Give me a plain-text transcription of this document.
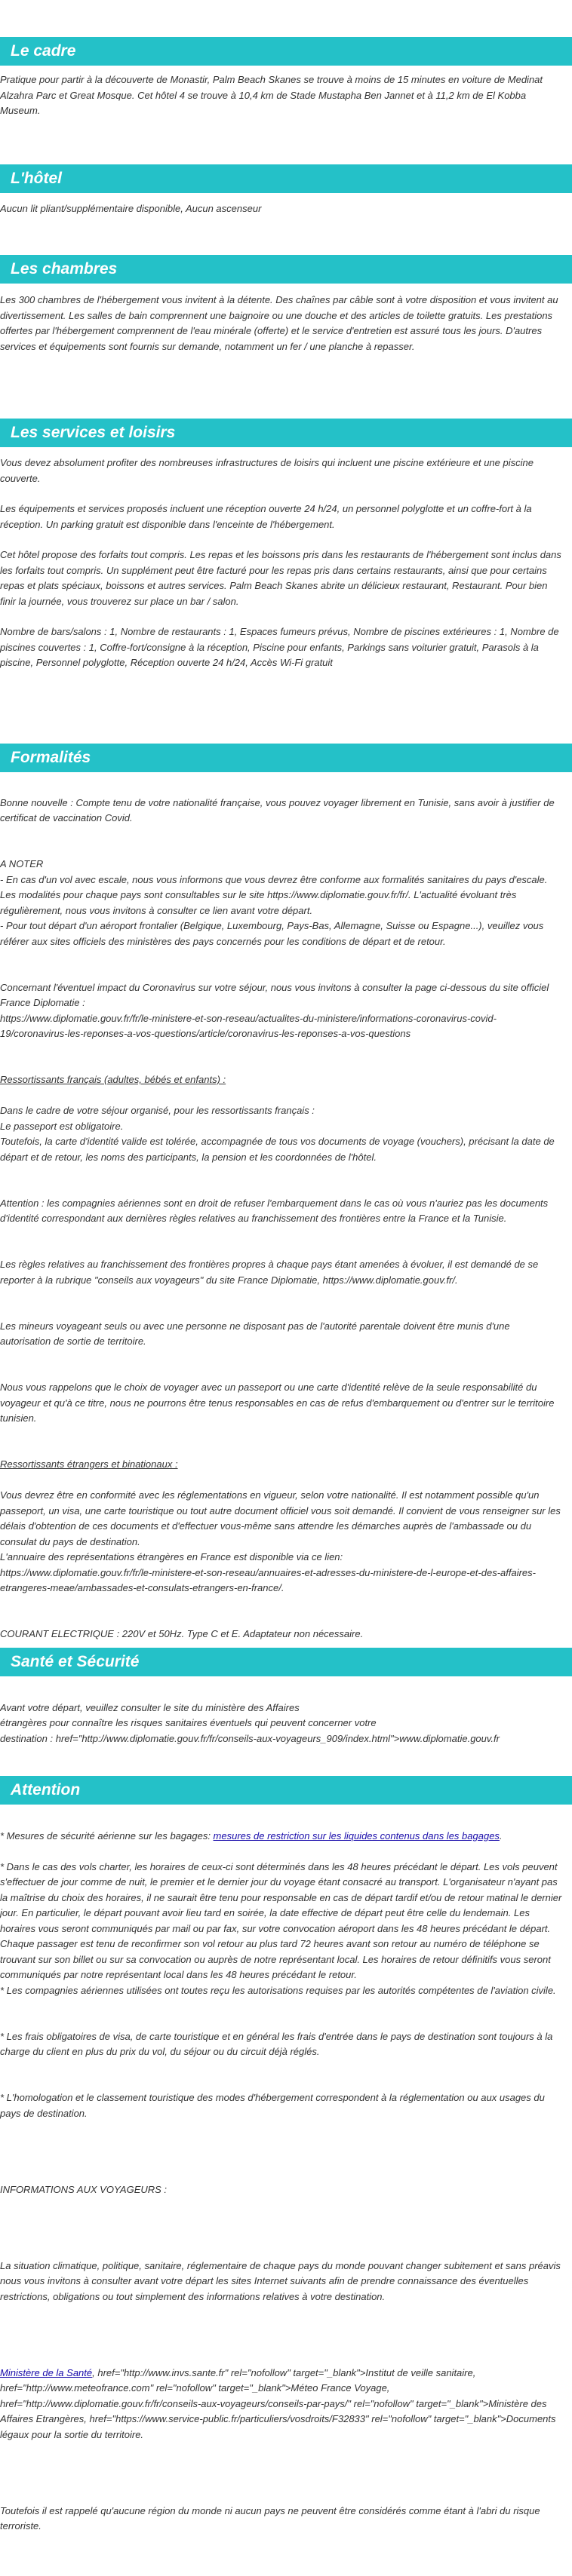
Le cadre

Pratique pour partir à la découverte de Monastir, Palm Beach Skanes se trouve à moins de 15 minutes en voiture de Medinat Alzahra Parc et Great Mosque. Cet hôtel 4 se trouve à 10,4 km de Stade Mustapha Ben Jannet et à 11,2 km de El Kobba Museum.

L'hôtel

Aucun lit pliant/supplémentaire disponible, Aucun ascenseur

Les chambres

Les 300 chambres de l'hébergement vous invitent à la détente. Des chaînes par câble sont à votre disposition et vous invitent au divertissement. Les salles de bain comprennent une baignoire ou une douche et des articles de toilette gratuits. Les prestations offertes par l'hébergement comprennent de l'eau minérale (offerte) et le service d'entretien est assuré tous les jours. D'autres services et équipements sont fournis sur demande, notamment un fer / une planche à repasser.

Les services et loisirs

Vous devez absolument profiter des nombreuses infrastructures de loisirs qui incluent une piscine extérieure et une piscine couverte.

Les équipements et services proposés incluent une réception ouverte 24 h/24, un personnel polyglotte et un coffre-fort à la réception. Un parking gratuit est disponible dans l'enceinte de l'hébergement.

Cet hôtel propose des forfaits tout compris. Les repas et les boissons pris dans les restaurants de l'hébergement sont inclus dans les forfaits tout compris. Un supplément peut être facturé pour les repas pris dans certains restaurants, ainsi que pour certains repas et plats spéciaux, boissons et autres services. Palm Beach Skanes abrite un délicieux restaurant, Restaurant. Pour bien finir la journée, vous trouverez sur place un bar / salon.

Nombre de bars/salons : 1, Nombre de restaurants : 1, Espaces fumeurs prévus, Nombre de piscines extérieures : 1, Nombre de piscines couvertes : 1, Coffre-fort/consigne à la réception, Piscine pour enfants, Parkings sans voiturier gratuit, Parasols à la piscine, Personnel polyglotte, Réception ouverte 24 h/24, Accès Wi-Fi gratuit

Formalités

Bonne nouvelle : Compte tenu de votre nationalité française, vous pouvez voyager librement en Tunisie, sans avoir à justifier de certificat de vaccination Covid.

A NOTER
- En cas d'un vol avec escale, nous vous informons que vous devrez être conforme aux formalités sanitaires du pays d'escale.
Les modalités pour chaque pays sont consultables sur le site https://www.diplomatie.gouv.fr/fr/. L'actualité évoluant très régulièrement, nous vous invitons à consulter ce lien avant votre départ.
- Pour tout départ d'un aéroport frontalier (Belgique, Luxembourg, Pays-Bas, Allemagne, Suisse ou Espagne...), veuillez vous référer aux sites officiels des ministères des pays concernés pour les conditions de départ et de retour.

Concernant l'éventuel impact du Coronavirus sur votre séjour, nous vous invitons à consulter la page ci-dessous du site officiel France Diplomatie :
https://www.diplomatie.gouv.fr/fr/le-ministere-et-son-reseau/actualites-du-ministere/informations-coronavirus-covid-19/coronavirus-les-reponses-a-vos-questions/article/coronavirus-les-reponses-a-vos-questions

Ressortissants français (adultes, bébés et enfants) :

Dans le cadre de votre séjour organisé, pour les ressortissants français :
Le passeport est obligatoire.
Toutefois, la carte d'identité valide est tolérée, accompagnée de tous vos documents de voyage (vouchers), précisant la date de départ et de retour, les noms des participants, la pension et les coordonnées de l'hôtel.

Attention : les compagnies aériennes sont en droit de refuser l'embarquement dans le cas où vous n'auriez pas les documents d'identité correspondant aux dernières règles relatives au franchissement des frontières entre la France et la Tunisie.

Les règles relatives au franchissement des frontières propres à chaque pays étant amenées à évoluer, il est demandé de se reporter à la rubrique "conseils aux voyageurs" du site France Diplomatie, https://www.diplomatie.gouv.fr/.

Les mineurs voyageant seuls ou avec une personne ne disposant pas de l'autorité parentale doivent être munis d'une autorisation de sortie de territoire.

Nous vous rappelons que le choix de voyager avec un passeport ou une carte d'identité relève de la seule responsabilité du voyageur et qu'à ce titre, nous ne pourrons être tenus responsables en cas de refus d'embarquement ou d'entrer sur le territoire tunisien.

Ressortissants étrangers et binationaux :

Vous devrez être en conformité avec les réglementations en vigueur, selon votre nationalité. Il est notamment possible qu'un passeport, un visa, une carte touristique ou tout autre document officiel vous soit demandé. Il convient de vous renseigner sur les délais d'obtention de ces documents et d'effectuer vous-même sans attendre les démarches auprès de l'ambassade ou du consulat du pays de destination.
L'annuaire des représentations étrangères en France est disponible via ce lien:
https://www.diplomatie.gouv.fr/fr/le-ministere-et-son-reseau/annuaires-et-adresses-du-ministere-de-l-europe-et-des-affaires-etrangeres-meae/ambassades-et-consulats-etrangers-en-france/.

COURANT ELECTRIQUE : 220V et 50Hz. Type C et E. Adaptateur non nécessaire.

Santé et Sécurité

Avant votre départ, veuillez consulter le site du ministère des Affaires
étrangères pour connaître les risques sanitaires éventuels qui peuvent concerner votre
destination : href="http://www.diplomatie.gouv.fr/fr/conseils-aux-voyageurs_909/index.html">www.diplomatie.gouv.fr

Attention

* Mesures de sécurité aérienne sur les bagages: mesures de restriction sur les liquides contenus dans les bagages.

* Dans le cas des vols charter, les horaires de ceux-ci sont déterminés dans les 48 heures précédant le départ. Les vols peuvent s'effectuer de jour comme de nuit, le premier et le dernier jour du voyage étant consacré au transport. L'organisateur n'ayant pas la maîtrise du choix des horaires, il ne saurait être tenu pour responsable en cas de départ tardif et/ou de retour matinal le dernier jour. En particulier, le départ pouvant avoir lieu tard en soirée, la date effective de départ peut être celle du lendemain. Les horaires vous seront communiqués par mail ou par fax, sur votre convocation aéroport dans les 48 heures précédant le départ. Chaque passager est tenu de reconfirmer son vol retour au plus tard 72 heures avant son retour au numéro de téléphone se trouvant sur son billet ou sur sa convocation ou auprès de notre représentant local. Les horaires de retour définitifs vous seront communiqués par notre représentant local dans les 48 heures précédant le retour.
* Les compagnies aériennes utilisées ont toutes reçu les autorisations requises par les autorités compétentes de l'aviation civile.

* Les frais obligatoires de visa, de carte touristique et en général les frais d'entrée dans le pays de destination sont toujours à la charge du client en plus du prix du vol, du séjour ou du circuit déjà réglés.

* L'homologation et le classement touristique des modes d'hébergement correspondent à la réglementation ou aux usages du pays de destination.

INFORMATIONS AUX VOYAGEURS :

La situation climatique, politique, sanitaire, réglementaire de chaque pays du monde pouvant changer subitement et sans préavis
nous vous invitons à consulter avant votre départ les sites Internet suivants afin de prendre connaissance des éventuelles restrictions, obligations ou tout simplement des informations relatives à votre destination.

Ministère de la Santé, href="http://www.invs.sante.fr" rel="nofollow" target="_blank">Institut de veille sanitaire, href="http://www.meteofrance.com" rel="nofollow" target="_blank">Méteo France Voyage, href="http://www.diplomatie.gouv.fr/fr/conseils-aux-voyageurs/conseils-par-pays/" rel="nofollow" target="_blank">Ministère des Affaires Etrangères, href="https://www.service-public.fr/particuliers/vosdroits/F32833" rel="nofollow" target="_blank">Documents légaux pour la sortie du territoire.

Toutefois il est rappelé qu'aucune région du monde ni aucun pays ne peuvent être considérés comme étant à l'abri du risque terroriste.
